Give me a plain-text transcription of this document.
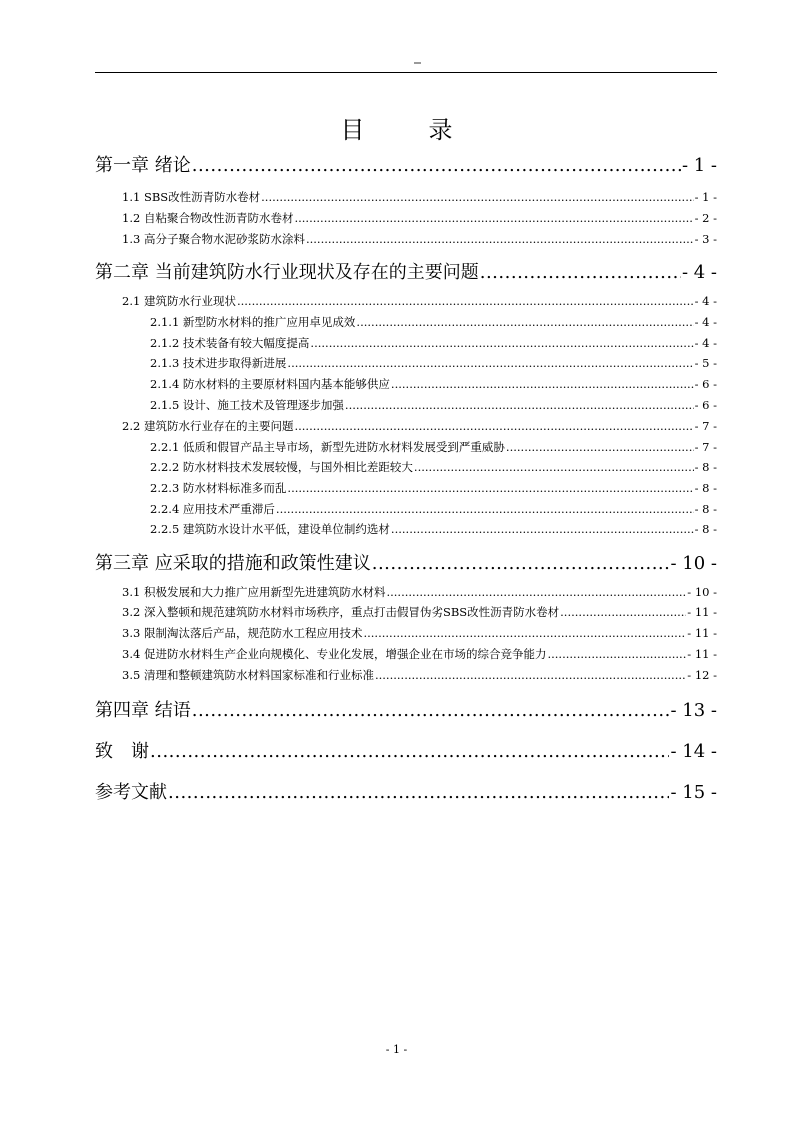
目　录
第一章 绪论 .....	- 1 -
1.1 SBS改性沥青防水卷材 .....	- 1 -
1.2 自粘聚合物改性沥青防水卷材 .....	- 2 -
1.3 高分子聚合物水泥砂浆防水涂料 .....	- 3 -
第二章 当前建筑防水行业现状及存在的主要问题 .....	- 4 -
2.1 建筑防水行业现状 .....	- 4 -
2.1.1 新型防水材料的推广应用卓见成效 .....	- 4 -
2.1.2 技术装备有较大幅度提高 .....	- 4 -
2.1.3 技术进步取得新进展 .....	- 5 -
2.1.4 防水材料的主要原材料国内基本能够供应 .....	- 6 -
2.1.5 设计、施工技术及管理逐步加强 .....	- 6 -
2.2 建筑防水行业存在的主要问题 .....	- 7 -
2.2.1 低质和假冒产品主导市场，新型先进防水材料发展受到严重威胁 .....	- 7 -
2.2.2 防水材料技术发展较慢，与国外相比差距较大 .....	- 8 -
2.2.3 防水材料标准多而乱 .....	- 8 -
2.2.4 应用技术严重滞后 .....	- 8 -
2.2.5 建筑防水设计水平低，建设单位制约选材 .....	- 8 -
第三章 应采取的措施和政策性建议 .....	- 10 -
3.1 积极发展和大力推广应用新型先进建筑防水材料 .....	- 10 -
3.2 深入整顿和规范建筑防水材料市场秩序，重点打击假冒伪劣SBS改性沥青防水卷材 .....	- 11 -
3.3 限制淘汰落后产品，规范防水工程应用技术 .....	- 11 -
3.4 促进防水材料生产企业向规模化、专业化发展，增强企业在市场的综合竞争能力 .....	- 11 -
3.5 清理和整顿建筑防水材料国家标准和行业标准 .....	- 12 -
第四章 结语 .....	- 13 -
致　谢 .....	- 14 -
参考文献 .....	- 15 -
- 1 -
